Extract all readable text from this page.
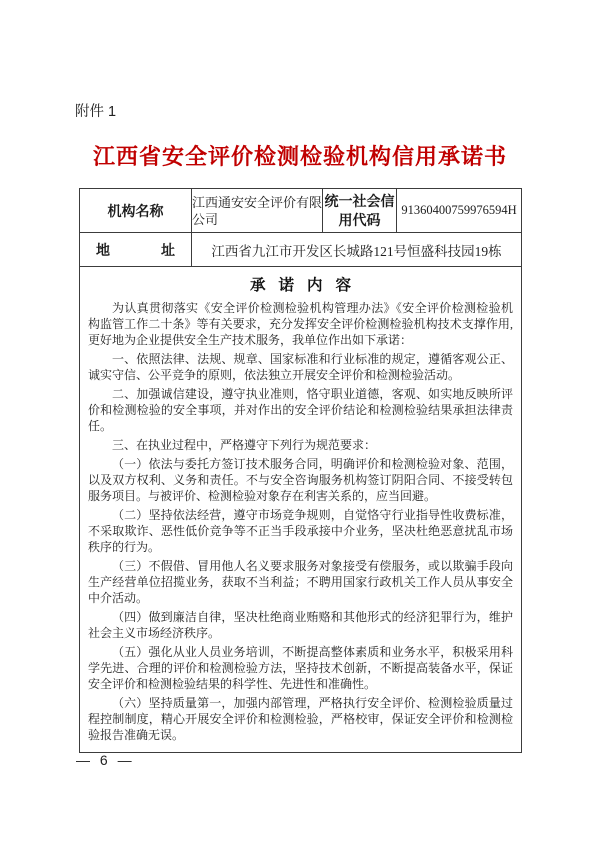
附件 1
江西省安全评价检测检验机构信用承诺书
机构名称	江西通安安全评价有限公司	统一社会信用代码	91360400759976594H

地址	江西省九江市开发区长城路121号恒盛科技园19栋		

承诺内容

为认真贯彻落实《安全评价检测检验机构管理办法》《安全评价检测检验机构监管工作二十条》等有关要求，充分发挥安全评价检测检验机构技术支撑作用,更好地为企业提供安全生产技术服务，我单位作出如下承诺：

一、依照法律、法规、规章、国家标准和行业标准的规定，遵循客观公正、诚实守信、公平竞争的原则，依法独立开展安全评价和检测检验活动。

二、加强诚信建设，遵守执业准则，恪守职业道德，客观、如实地反映所评价和检测检验的安全事项，并对作出的安全评价结论和检测检验结果承担法律责任。

三、在执业过程中，严格遵守下列行为规范要求：

（一）依法与委托方签订技术服务合同，明确评价和检测检验对象、范围，以及双方权利、义务和责任。不与安全咨询服务机构签订阴阳合同、不接受转包服务项目。与被评价、检测检验对象存在利害关系的，应当回避。

（二）坚持依法经营，遵守市场竞争规则，自觉恪守行业指导性收费标准，不采取欺诈、恶性低价竞争等不正当手段承接中介业务，坚决杜绝恶意扰乱市场秩序的行为。

（三）不假借、冒用他人名义要求服务对象接受有偿服务，或以欺骗手段向生产经营单位招揽业务，获取不当利益；不聘用国家行政机关工作人员从事安全中介活动。

（四）做到廉洁自律，坚决杜绝商业贿赂和其他形式的经济犯罪行为，维护社会主义市场经济秩序。

（五）强化从业人员业务培训，不断提高整体素质和业务水平，积极采用科学先进、合理的评价和检测检验方法，坚持技术创新，不断提高装备水平，保证安全评价和检测检验结果的科学性、先进性和准确性。

（六）坚持质量第一，加强内部管理，严格执行安全评价、检测检验质量过程控制制度，精心开展安全评价和检测检验，严格校审，保证安全评价和检测检验报告准确无误。

— 6 —
